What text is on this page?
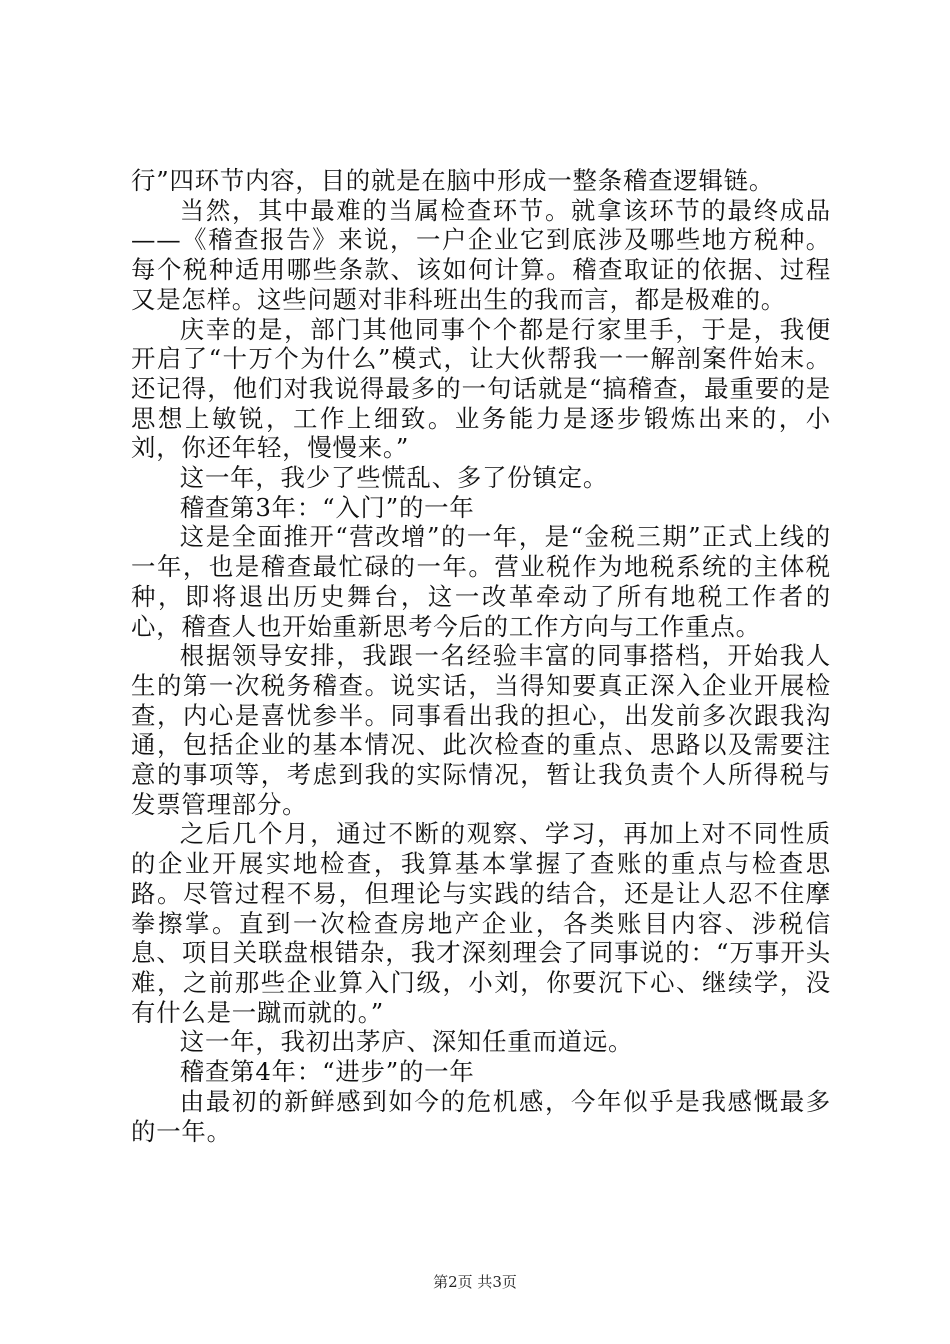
行”四环节内容，目的就是在脑中形成一整条稽查逻辑链。

当然，其中最难的当属检查环节。就拿该环节的最终成品——《稽查报告》来说，一户企业它到底涉及哪些地方税种。每个税种适用哪些条款、该如何计算。稽查取证的依据、过程又是怎样。这些问题对非科班出生的我而言，都是极难的。

庆幸的是，部门其他同事个个都是行家里手，于是，我便开启了“十万个为什么”模式，让大伙帮我一一解剖案件始末。还记得，他们对我说得最多的一句话就是“搞稽查，最重要的是思想上敏锐，工作上细致。业务能力是逐步锻炼出来的，小刘，你还年轻，慢慢来。”

这一年，我少了些慌乱、多了份镇定。

稽查第3年：“入门”的一年

这是全面推开“营改增”的一年，是“金税三期”正式上线的一年，也是稽查最忙碌的一年。营业税作为地税系统的主体税种，即将退出历史舞台，这一改革牵动了所有地税工作者的心，稽查人也开始重新思考今后的工作方向与工作重点。

根据领导安排，我跟一名经验丰富的同事搭档，开始我人生的第一次税务稽查。说实话，当得知要真正深入企业开展检查，内心是喜忧参半。同事看出我的担心，出发前多次跟我沟通，包括企业的基本情况、此次检查的重点、思路以及需要注意的事项等，考虑到我的实际情况，暂让我负责个人所得税与发票管理部分。

之后几个月，通过不断的观察、学习，再加上对不同性质的企业开展实地检查，我算基本掌握了查账的重点与检查思路。尽管过程不易，但理论与实践的结合，还是让人忍不住摩拳擦掌。直到一次检查房地产企业，各类账目内容、涉税信息、项目关联盘根错杂，我才深刻理会了同事说的：“万事开头难，之前那些企业算入门级，小刘，你要沉下心、继续学，没有什么是一蹴而就的。”

这一年，我初出茅庐、深知任重而道远。

稽查第4年：“进步”的一年

由最初的新鲜感到如今的危机感，今年似乎是我感慨最多的一年。

第2页 共3页
